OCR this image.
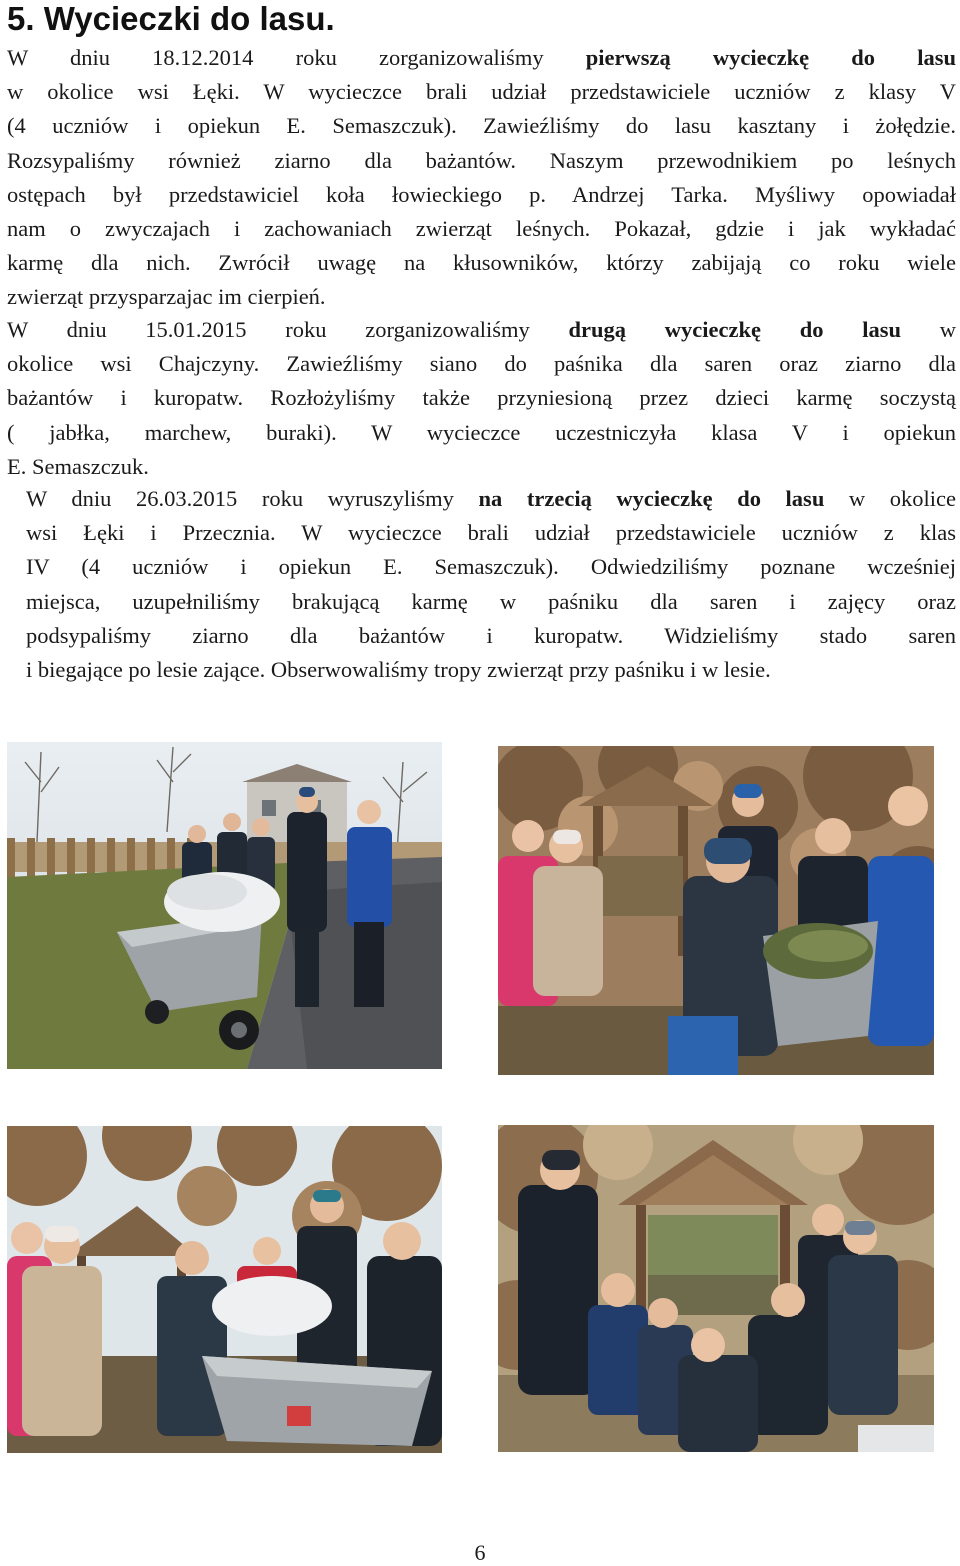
5. Wycieczki do lasu.
W dniu 18.12.2014 roku zorganizowaliśmy pierwszą wycieczkę do lasu
w okolice wsi Łęki. W wycieczce brali udział przedstawiciele uczniów z klasy V
(4 uczniów i opiekun E. Semaszczuk). Zawieźliśmy do lasu kasztany i żołędzie.
Rozsypaliśmy również ziarno dla bażantów. Naszym przewodnikiem po leśnych
ostępach był przedstawiciel koła łowieckiego p. Andrzej Tarka. Myśliwy opowiadał
nam o zwyczajach i zachowaniach zwierząt leśnych. Pokazał, gdzie i jak wykładać
karmę dla nich. Zwrócił uwagę na kłusowników, którzy zabijają co roku wiele
zwierząt przysparzajac im cierpień.
W dniu 15.01.2015 roku zorganizowaliśmy drugą wycieczkę do lasu w
okolice wsi Chajczyny. Zawieźliśmy siano do paśnika dla saren oraz ziarno dla
bażantów i kuropatw. Rozłożyliśmy także przyniesioną przez dzieci karmę soczystą
( jabłka, marchew, buraki). W wycieczce uczestniczyła klasa V i opiekun
E. Semaszczuk.
W dniu 26.03.2015 roku wyruszyliśmy na trzecią wycieczkę do lasu w okolice
wsi Łęki i Przecznia. W wycieczce brali udział przedstawiciele uczniów z klas
IV (4 uczniów i opiekun E. Semaszczuk). Odwiedziliśmy poznane wcześniej
miejsca, uzupełniliśmy brakującą karmę w paśniku dla saren i zajęcy oraz
podsypaliśmy ziarno dla bażantów i kuropatw. Widzieliśmy stado saren
i biegające po lesie zające. Obserwowaliśmy tropy zwierząt przy paśniku i w lesie.
6
